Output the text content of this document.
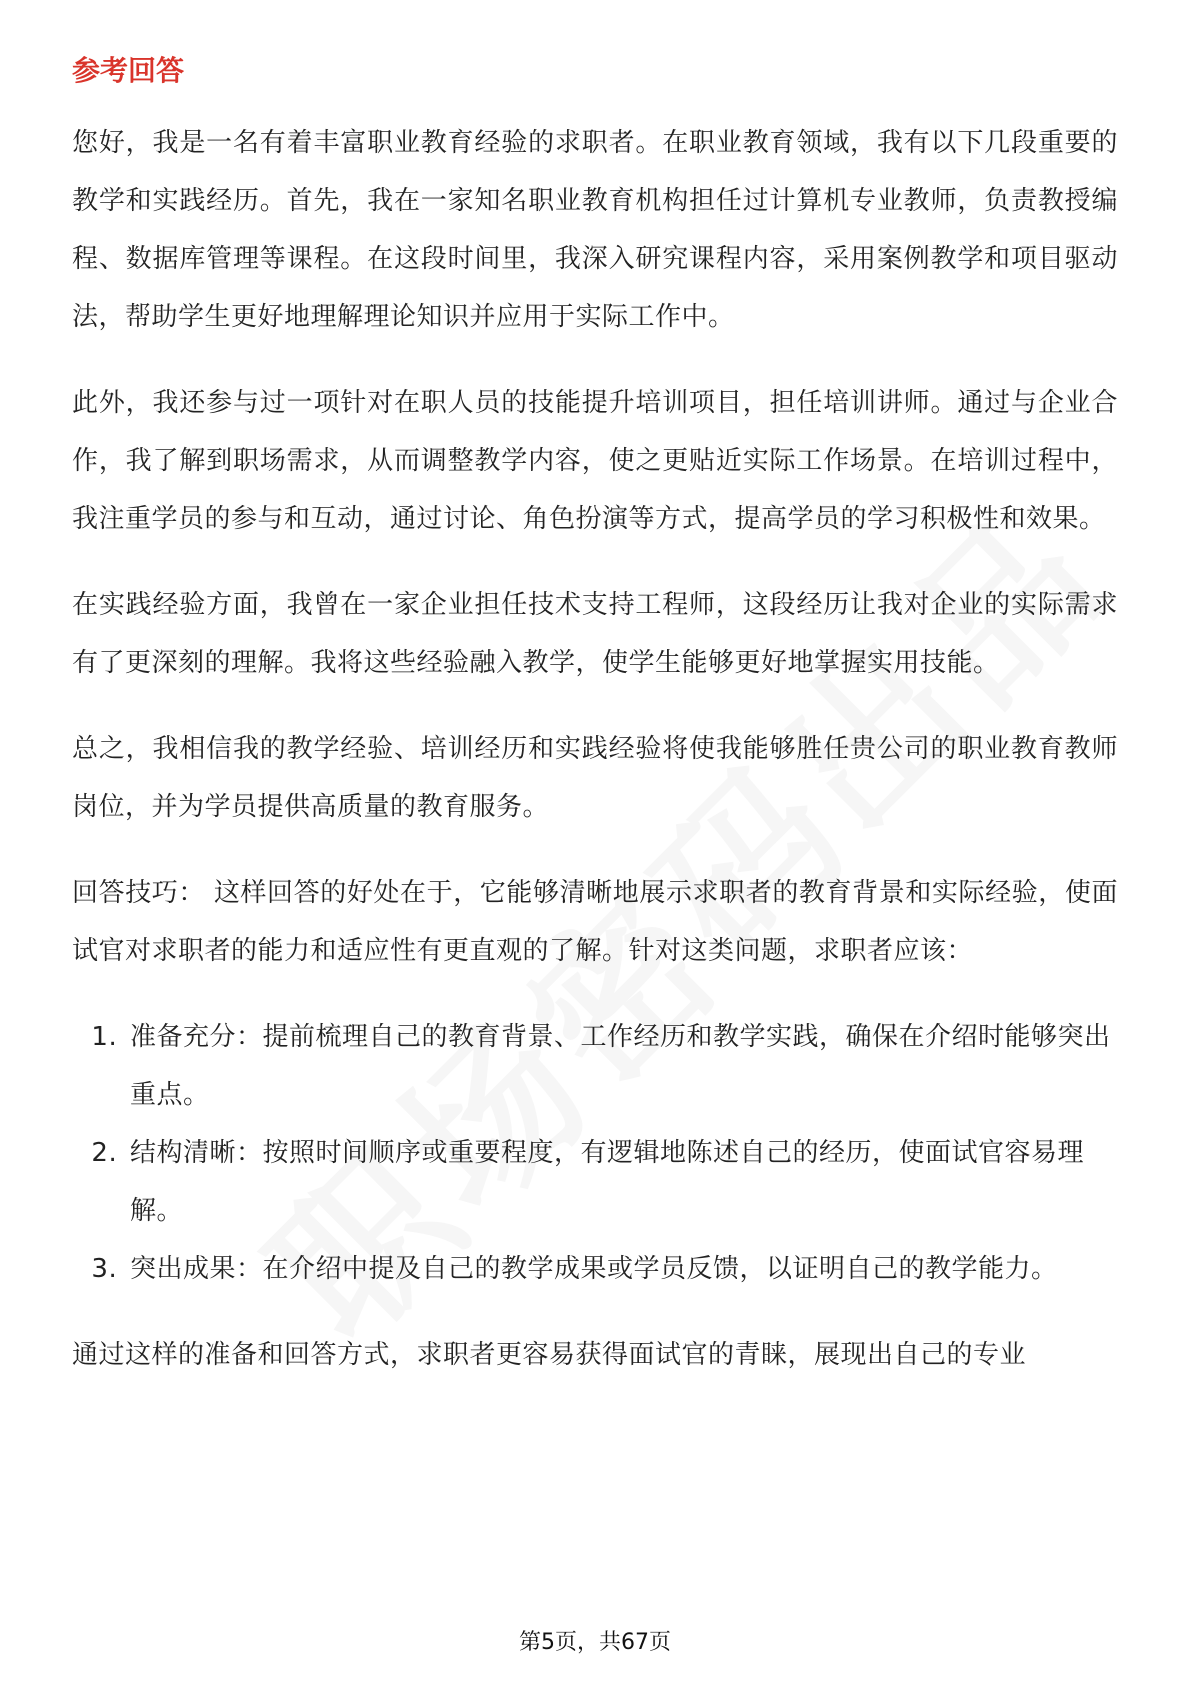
参考回答

您好，我是一名有着丰富职业教育经验的求职者。在职业教育领域，我有以下几段重要的教学和实践经历。首先，我在一家知名职业教育机构担任过计算机专业教师，负责教授编程、数据库管理等课程。在这段时间里，我深入研究课程内容，采用案例教学和项目驱动法，帮助学生更好地理解理论知识并应用于实际工作中。

此外，我还参与过一项针对在职人员的技能提升培训项目，担任培训讲师。通过与企业合作，我了解到职场需求，从而调整教学内容，使之更贴近实际工作场景。在培训过程中，我注重学员的参与和互动，通过讨论、角色扮演等方式，提高学员的学习积极性和效果。

在实践经验方面，我曾在一家企业担任技术支持工程师，这段经历让我对企业的实际需求有了更深刻的理解。我将这些经验融入教学，使学生能够更好地掌握实用技能。

总之，我相信我的教学经验、培训经历和实践经验将使我能够胜任贵公司的职业教育教师岗位，并为学员提供高质量的教育服务。

回答技巧： 这样回答的好处在于，它能够清晰地展示求职者的教育背景和实际经验，使面试官对求职者的能力和适应性有更直观的了解。针对这类问题，求职者应该：

1. 准备充分：提前梳理自己的教育背景、工作经历和教学实践，确保在介绍时能够突出重点。
2. 结构清晰：按照时间顺序或重要程度，有逻辑地陈述自己的经历，使面试官容易理解。
3. 突出成果：在介绍中提及自己的教学成果或学员反馈，以证明自己的教学能力。

通过这样的准备和回答方式，求职者更容易获得面试官的青睐，展现出自己的专业

第5页，共67页
